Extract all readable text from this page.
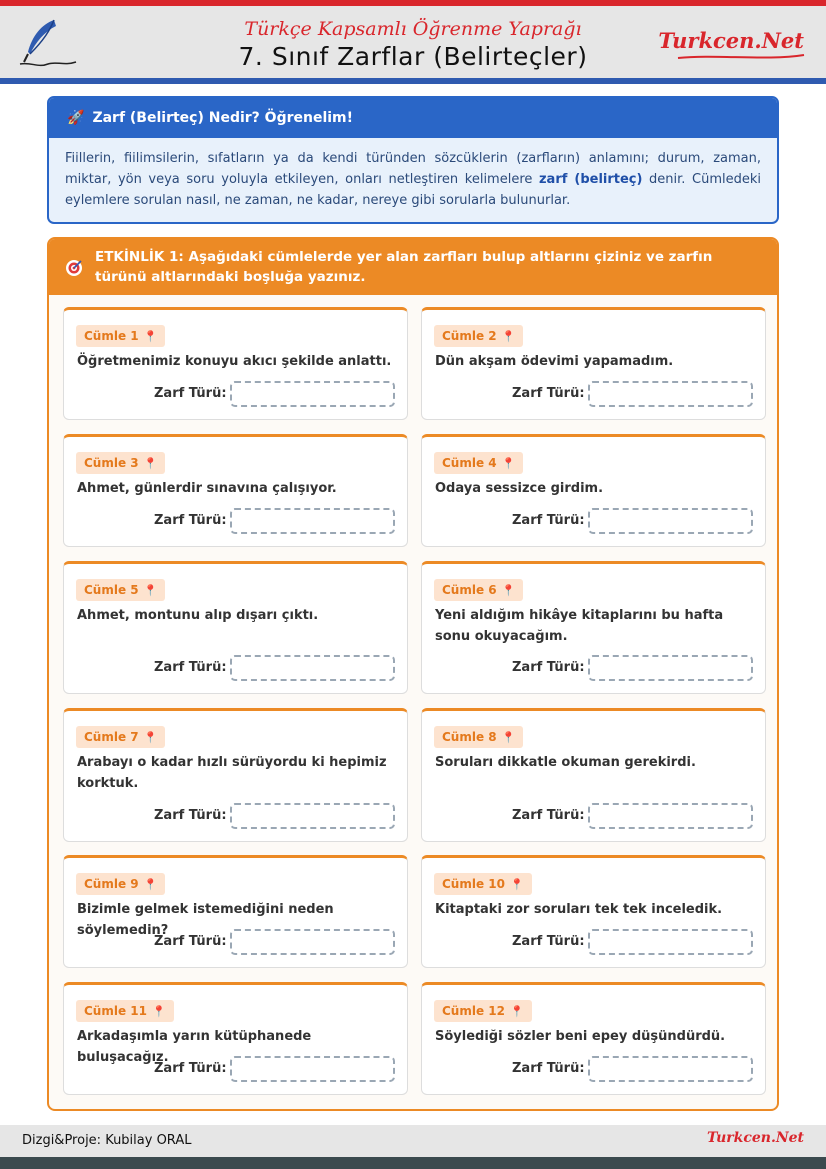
Türkçe Kapsamlı Öğrenme Yaprağı
7. Sınıf Zarflar (Belirteçler)
Turkcen.Net
🚀 Zarf (Belirteç) Nedir? Öğrenelim!
Fiillerin, fiilimsilerin, sıfatların ya da kendi türünden sözcüklerin (zarfların) anlamını; durum, zaman, miktar, yön veya soru yoluyla etkileyen, onları netleştiren kelimelere zarf (belirteç) denir. Cümledeki eylemlere sorulan nasıl, ne zaman, ne kadar, nereye gibi sorularla bulunurlar.
ETKİNLİK 1: Aşağıdaki cümlelerde yer alan zarfları bulup altlarını çiziniz ve zarfın türünü altlarındaki boşluğa yazınız.
Cümle 1 📍
Öğretmenimiz konuyu akıcı şekilde anlattı.
Zarf Türü:
Cümle 2 📍
Dün akşam ödevimi yapamadım.
Zarf Türü:
Cümle 3 📍
Ahmet, günlerdir sınavına çalışıyor.
Zarf Türü:
Cümle 4 📍
Odaya sessizce girdim.
Zarf Türü:
Cümle 5 📍
Ahmet, montunu alıp dışarı çıktı.
Zarf Türü:
Cümle 6 📍
Yeni aldığım hikâye kitaplarını bu hafta sonu okuyacağım.
Zarf Türü:
Cümle 7 📍
Arabayı o kadar hızlı sürüyordu ki hepimiz korktuk.
Zarf Türü:
Cümle 8 📍
Soruları dikkatle okuman gerekirdi.
Zarf Türü:
Cümle 9 📍
Bizimle gelmek istemediğini neden söylemedin?
Zarf Türü:
Cümle 10 📍
Kitaptaki zor soruları tek tek inceledik.
Zarf Türü:
Cümle 11 📍
Arkadaşımla yarın kütüphanede buluşacağız.
Zarf Türü:
Cümle 12 📍
Söylediği sözler beni epey düşündürdü.
Zarf Türü:
Dizgi&Proje: Kubilay ORAL	Turkcen.Net
